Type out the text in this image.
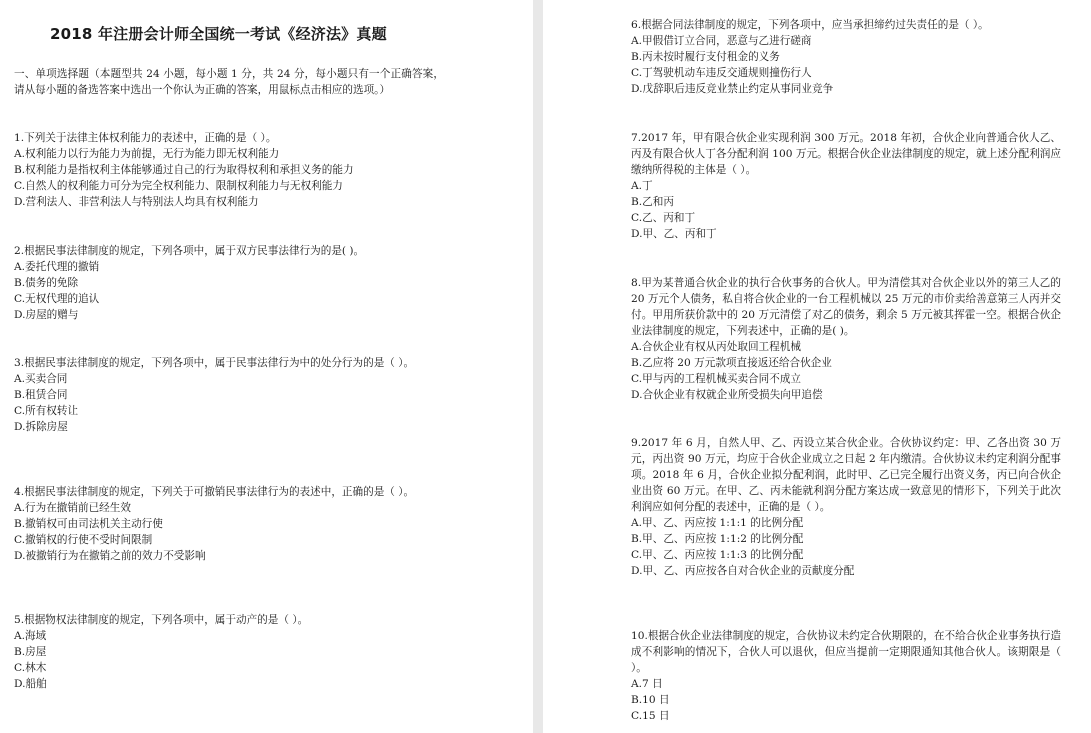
2018 年注册会计师全国统一考试《经济法》真题
一、单项选择题（本题型共 24 小题，每小题 1 分，共 24 分，每小题只有一个正确答案，请从每小题的备选答案中选出一个你认为正确的答案，用鼠标点击相应的选项。）

1.下列关于法律主体权利能力的表述中，正确的是（ ）。

A.权利能力以行为能力为前提，无行为能力即无权利能力

B.权利能力是指权利主体能够通过自己的行为取得权利和承担义务的能力

C.自然人的权利能力可分为完全权利能力、限制权利能力与无权利能力

D.营利法人、非营利法人与特别法人均具有权利能力

2.根据民事法律制度的规定，下列各项中，属于双方民事法律行为的是( )。

A.委托代理的撤销

B.债务的免除

C.无权代理的追认

D.房屋的赠与

3.根据民事法律制度的规定，下列各项中，属于民事法律行为中的处分行为的是（ ）。

A.买卖合同

B.租赁合同

C.所有权转让

D.拆除房屋

4.根据民事法律制度的规定，下列关于可撤销民事法律行为的表述中，正确的是（ ）。

A.行为在撤销前已经生效

B.撤销权可由司法机关主动行使

C.撤销权的行使不受时间限制

D.被撤销行为在撤销之前的效力不受影响

5.根据物权法律制度的规定，下列各项中，属于动产的是（ ）。

A.海域

B.房屋

C.林木

D.船舶

6.根据合同法律制度的规定，下列各项中，应当承担缔约过失责任的是（ ）。

A.甲假借订立合同，恶意与乙进行磋商

B.丙未按时履行支付租金的义务

C.丁驾驶机动车违反交通规则撞伤行人

D.戊辞职后违反竞业禁止约定从事同业竞争

7.2017 年，甲有限合伙企业实现利润 300 万元。2018 年初，合伙企业向普通合伙人乙、丙及有限合伙人丁各分配利润 100 万元。根据合伙企业法律制度的规定，就上述分配利润应缴纳所得税的主体是（ ）。

A.丁

B.乙和丙

C.乙、丙和丁

D.甲、乙、丙和丁

8.甲为某普通合伙企业的执行合伙事务的合伙人。甲为清偿其对合伙企业以外的第三人乙的 20 万元个人债务，私自将合伙企业的一台工程机械以 25 万元的市价卖给善意第三人丙并交付。甲用所获价款中的 20 万元清偿了对乙的债务，剩余 5 万元被其挥霍一空。根据合伙企业法律制度的规定，下列表述中，正确的是( )。

A.合伙企业有权从丙处取回工程机械

B.乙应将 20 万元款项直接返还给合伙企业

C.甲与丙的工程机械买卖合同不成立

D.合伙企业有权就企业所受损失向甲追偿

9.2017 年 6 月，自然人甲、乙、丙设立某合伙企业。合伙协议约定：甲、乙各出资 30 万元，丙出资 90 万元，均应于合伙企业成立之日起 2 年内缴清。合伙协议未约定利润分配事项。2018 年 6 月，合伙企业拟分配利润，此时甲、乙已完全履行出资义务，丙已向合伙企业出资 60 万元。在甲、乙、丙未能就利润分配方案达成一致意见的情形下，下列关于此次利润应如何分配的表述中，正确的是（ ）。

A.甲、乙、丙应按 1:1:1 的比例分配

B.甲、乙、丙应按 1:1:2 的比例分配

C.甲、乙、丙应按 1:1:3 的比例分配

D.甲、乙、丙应按各自对合伙企业的贡献度分配

10.根据合伙企业法律制度的规定，合伙协议未约定合伙期限的，在不给合伙企业事务执行造成不利影响的情况下，合伙人可以退伙，但应当提前一定期限通知其他合伙人。该期限是（ ）。

A.7 日

B.10 日

C.15 日
